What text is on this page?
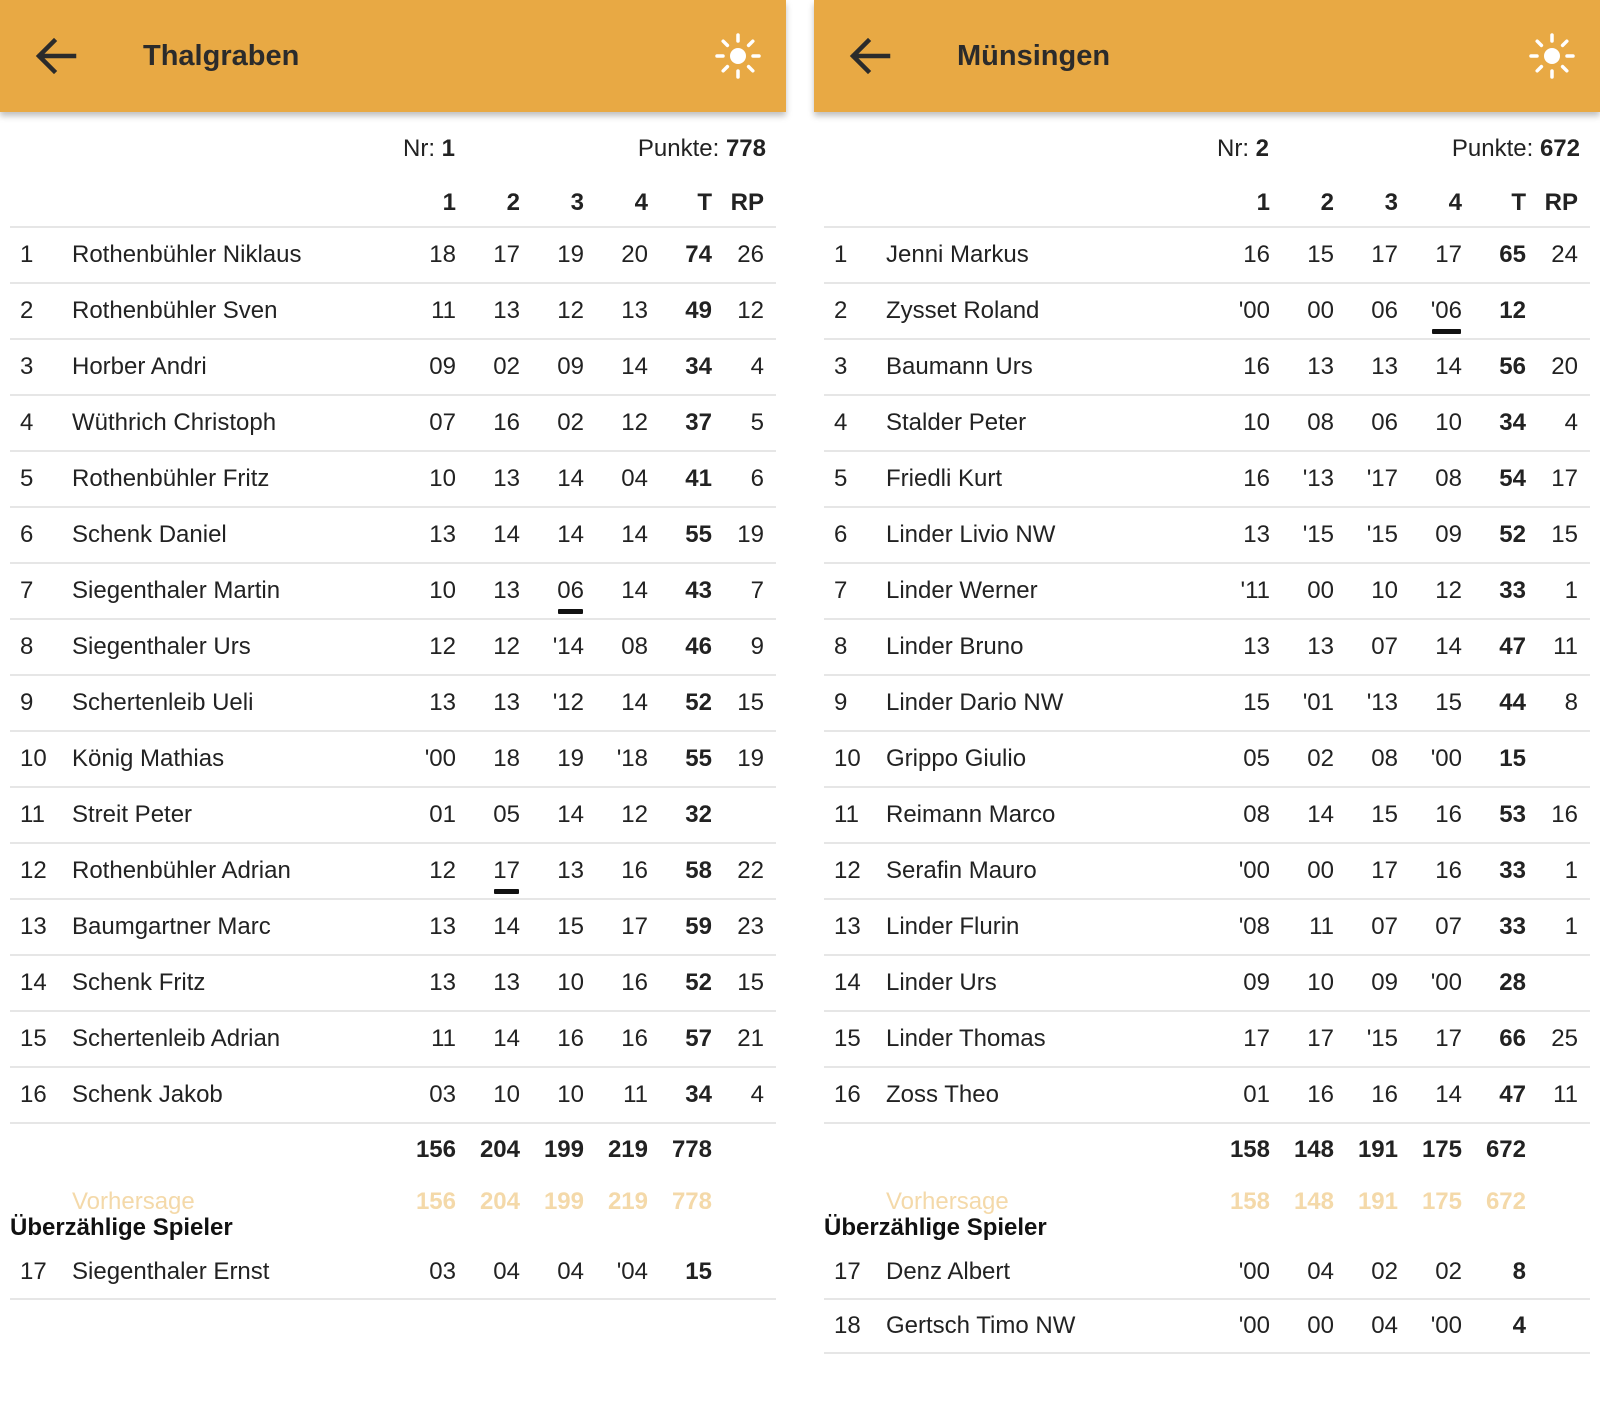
Thalgraben
Nr: 1	Punkte: 778
		1	2	3	4	T	RP
1	Rothenbühler Niklaus	18	17	19	20	74	26
2	Rothenbühler Sven	11	13	12	13	49	12
3	Horber Andri	09	02	09	14	34	4
4	Wüthrich Christoph	07	16	02	12	37	5
5	Rothenbühler Fritz	10	13	14	04	41	6
6	Schenk Daniel	13	14	14	14	55	19
7	Siegenthaler Martin	10	13	06	14	43	7
8	Siegenthaler Urs	12	12	'14	08	46	9
9	Schertenleib Ueli	13	13	'12	14	52	15
10	König Mathias	'00	18	19	'18	55	19
11	Streit Peter	01	05	14	12	32	
12	Rothenbühler Adrian	12	17	13	16	58	22
13	Baumgartner Marc	13	14	15	17	59	23
14	Schenk Fritz	13	13	10	16	52	15
15	Schertenleib Adrian	11	14	16	16	57	21
16	Schenk Jakob	03	10	10	11	34	4
		156	204	199	219	778	
	Vorhersage	156	204	199	219	778	
Überzählige Spieler
17	Siegenthaler Ernst	03	04	04	'04	15	
Münsingen
Nr: 2	Punkte: 672
		1	2	3	4	T	RP
1	Jenni Markus	16	15	17	17	65	24
2	Zysset Roland	'00	00	06	'06	12	
3	Baumann Urs	16	13	13	14	56	20
4	Stalder Peter	10	08	06	10	34	4
5	Friedli Kurt	16	'13	'17	08	54	17
6	Linder Livio NW	13	'15	'15	09	52	15
7	Linder Werner	'11	00	10	12	33	1
8	Linder Bruno	13	13	07	14	47	11
9	Linder Dario NW	15	'01	'13	15	44	8
10	Grippo Giulio	05	02	08	'00	15	
11	Reimann Marco	08	14	15	16	53	16
12	Serafin Mauro	'00	00	17	16	33	1
13	Linder Flurin	'08	11	07	07	33	1
14	Linder Urs	09	10	09	'00	28	
15	Linder Thomas	17	17	'15	17	66	25
16	Zoss Theo	01	16	16	14	47	11
		158	148	191	175	672	
	Vorhersage	158	148	191	175	672	
Überzählige Spieler
17	Denz Albert	'00	04	02	02	8	
18	Gertsch Timo NW	'00	00	04	'00	4	
